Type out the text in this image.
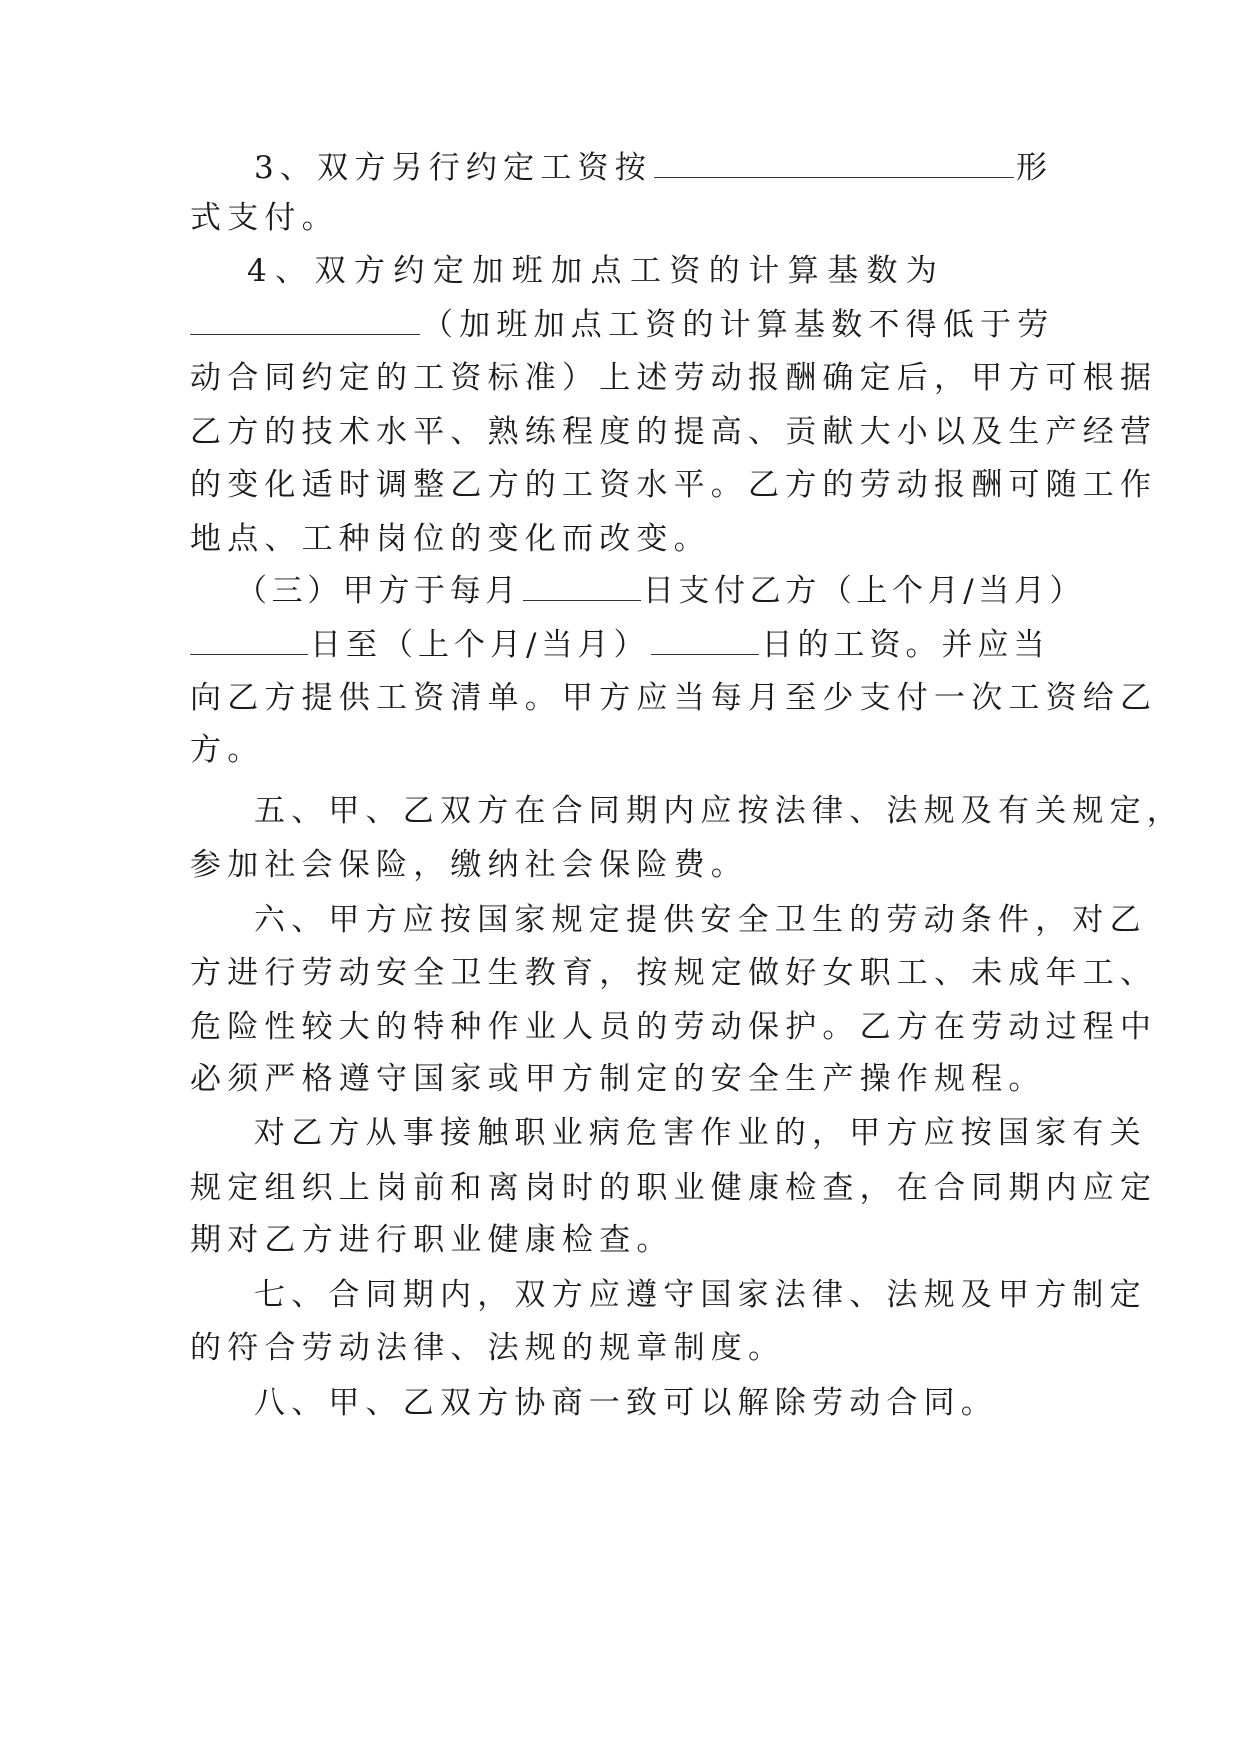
3、双方另行约定工资按	形
式支付。
4 、 双 方 约 定 加 班 加 点 工 资 的 计 算 基 数 为
（加班加点工资的计算基数不得低于劳
动合同约定的工资标准）上述劳动报酬确定后，甲方可根据
乙方的技术水平、熟练程度的提高、贡献大小以及生产经营
的变化适时调整乙方的工资水平。乙方的劳动报酬可随工作
地点、工种岗位的变化而改变。
（三）甲方于每月	日支付乙方（上个月/当月）
日至（上个月/当月）	日的工资。并应当
向乙方提供工资清单。甲方应当每月至少支付一次工资给乙
方。
五、甲、乙双方在合同期内应按法律、法规及有关规定，
参加社会保险，缴纳社会保险费。
六、甲方应按国家规定提供安全卫生的劳动条件，对乙
方进行劳动安全卫生教育，按规定做好女职工、未成年工、
危险性较大的特种作业人员的劳动保护。乙方在劳动过程中
必须严格遵守国家或甲方制定的安全生产操作规程。
对乙方从事接触职业病危害作业的，甲方应按国家有关
规定组织上岗前和离岗时的职业健康检查，在合同期内应定
期对乙方进行职业健康检查。
七、合同期内，双方应遵守国家法律、法规及甲方制定
的符合劳动法律、法规的规章制度。
八、甲、乙双方协商一致可以解除劳动合同。
